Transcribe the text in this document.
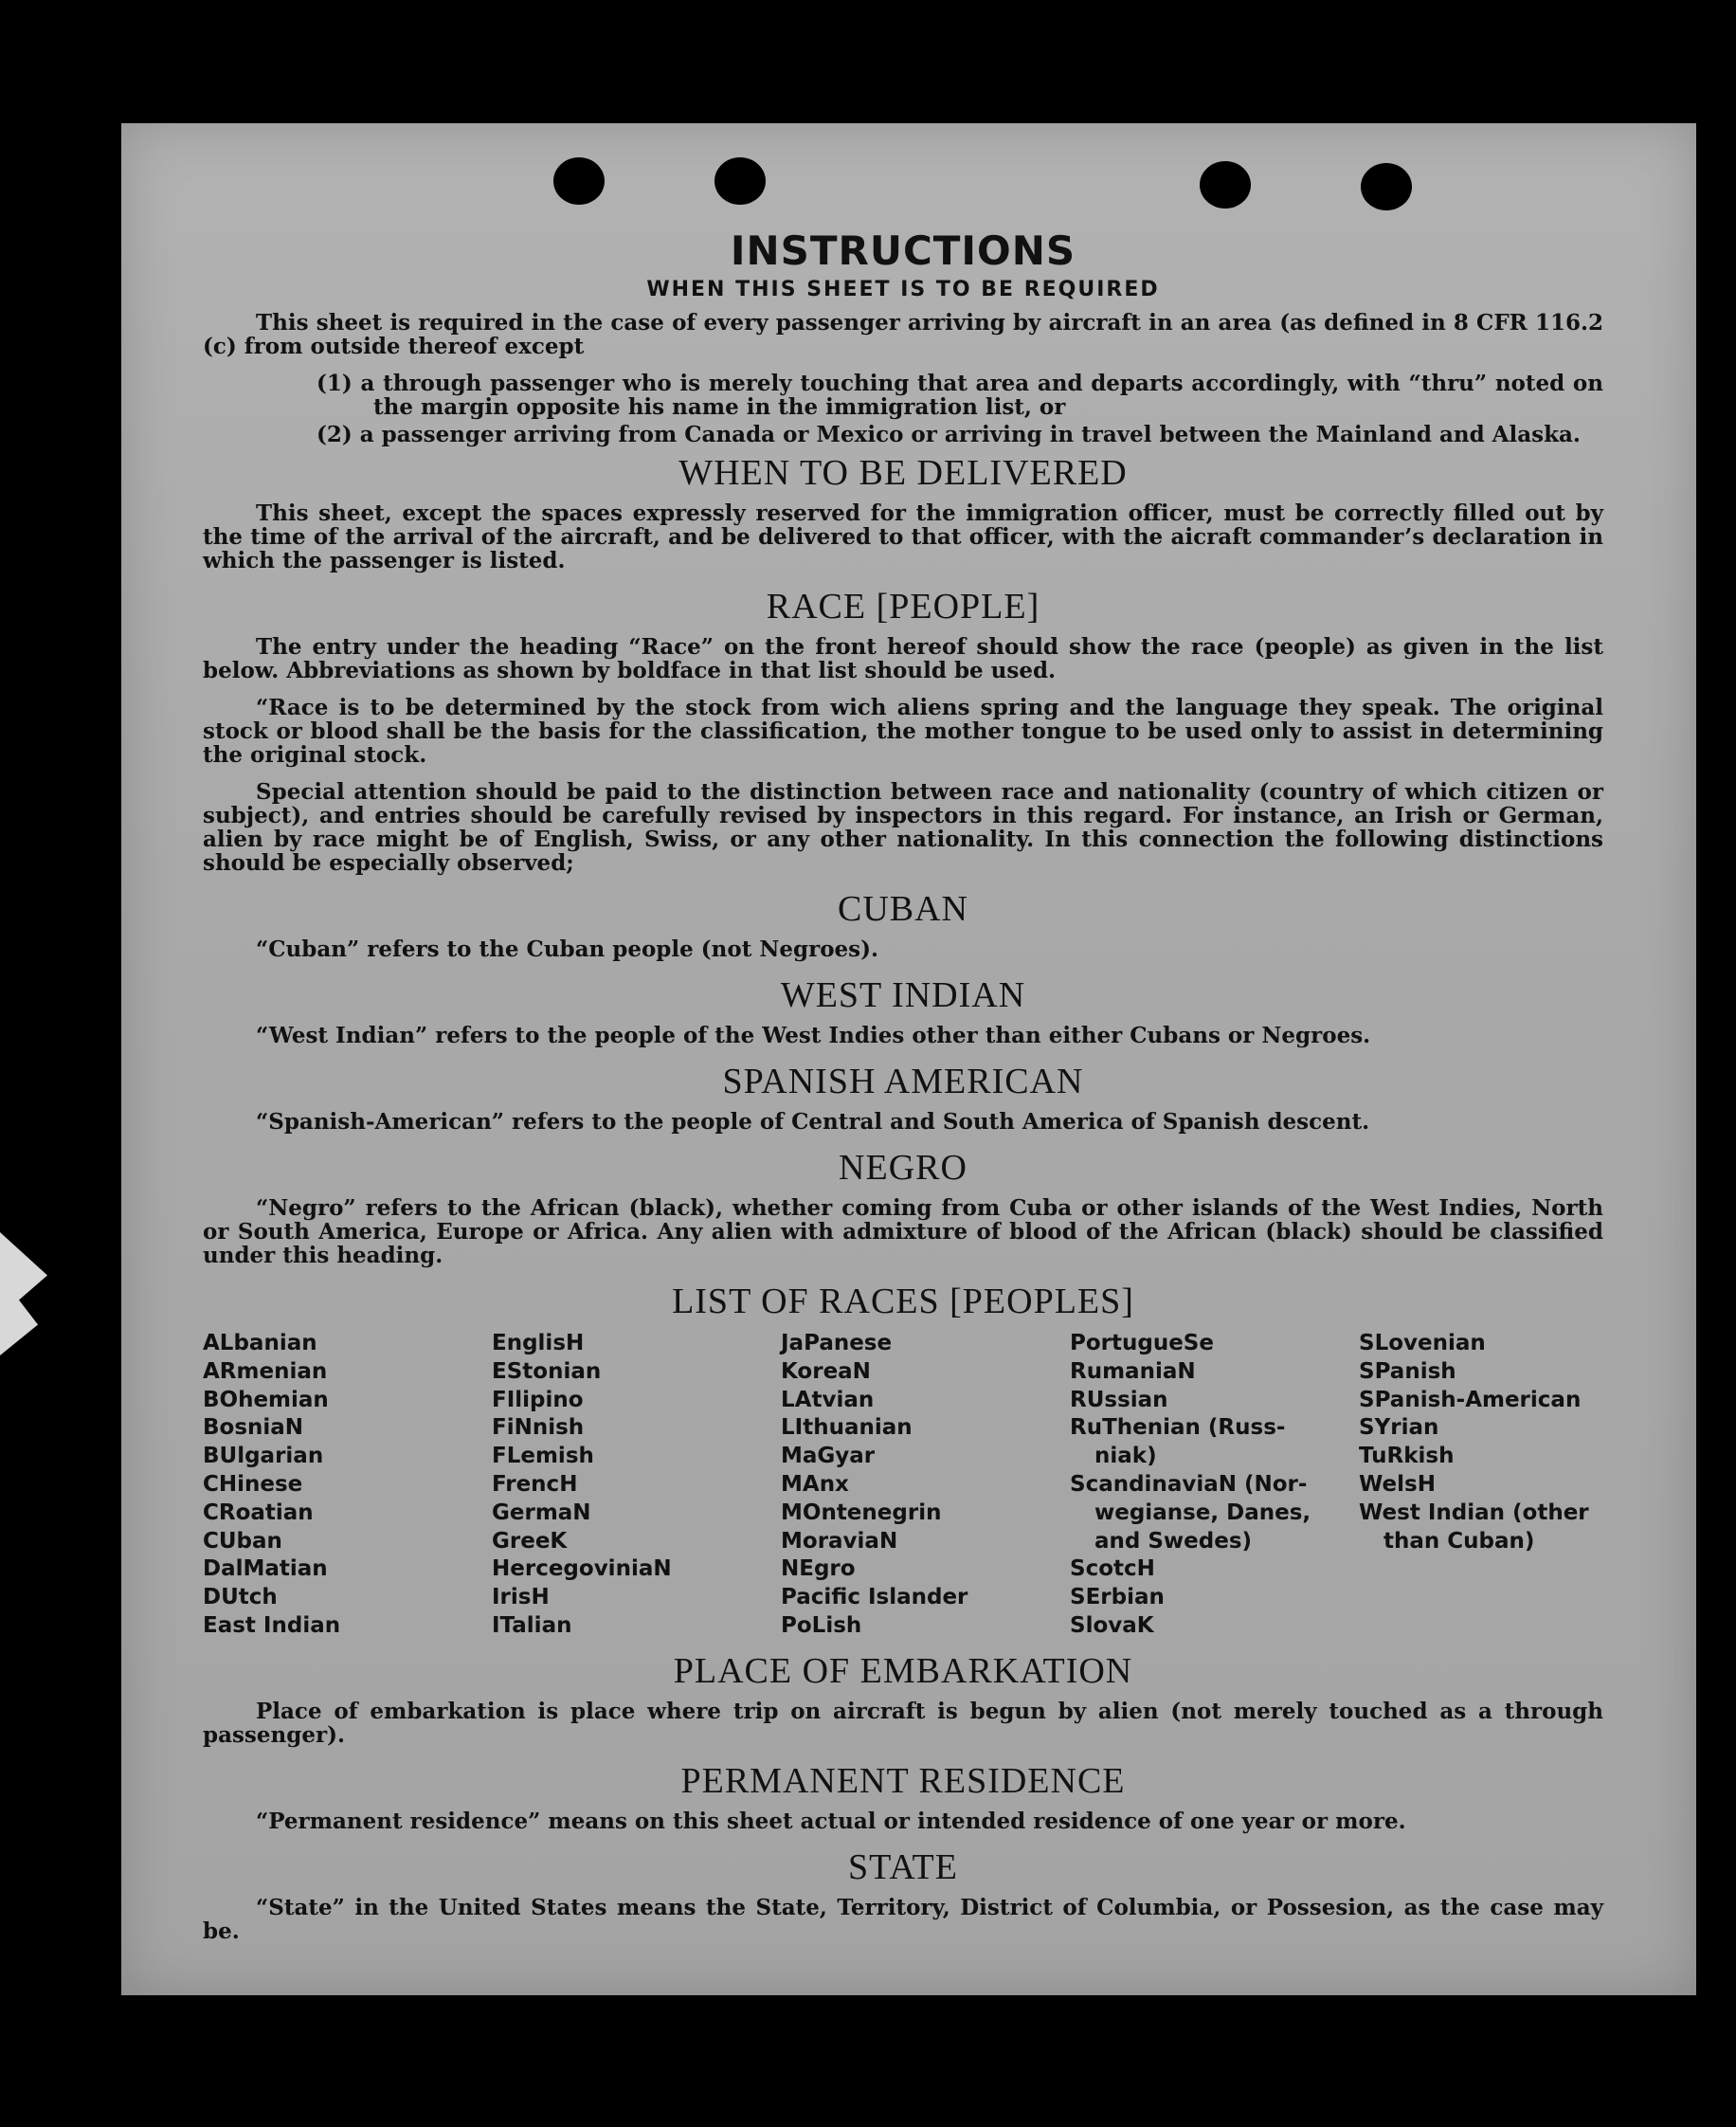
INSTRUCTIONS
WHEN THIS SHEET IS TO BE REQUIRED

This sheet is required in the case of every passenger arriving by aircraft in an area (as defined in 8 CFR 116.2 (c) from outside thereof except

(1) a through passenger who is merely touching that area and departs accordingly, with “thru” noted on the margin opposite his name in the immigration list, or
(2) a passenger arriving from Canada or Mexico or arriving in travel between the Mainland and Alaska.
WHEN TO BE DELIVERED

This sheet, except the spaces expressly reserved for the immigration officer, must be correctly filled out by the time of the arrival of the aircraft, and be delivered to that officer, with the aicraft commander’s declaration in which the passenger is listed.

RACE [PEOPLE]

The entry under the heading “Race” on the front hereof should show the race (people) as given in the list below. Abbreviations as shown by boldface in that list should be used.

“Race is to be determined by the stock from wich aliens spring and the language they speak. The original stock or blood shall be the basis for the classification, the mother tongue to be used only to assist in determining the original stock.

Special attention should be paid to the distinction between race and nationality (country of which citizen or subject), and entries should be carefully revised by inspectors in this regard. For instance, an Irish or German, alien by race might be of English, Swiss, or any other nationality. In this connection the following distinctions should be especially observed;

CUBAN

“Cuban” refers to the Cuban people (not Negroes).

WEST INDIAN

“West Indian” refers to the people of the West Indies other than either Cubans or Negroes.

SPANISH AMERICAN

“Spanish-American” refers to the people of Central and South America of Spanish descent.

NEGRO

“Negro” refers to the African (black), whether coming from Cuba or other islands of the West Indies, North or South America, Europe or Africa. Any alien with admixture of blood of the African (black) should be classified under this heading.

LIST OF RACES [PEOPLES]
ALbanian
ARmenian
BOhemian
BosniaN
BUlgarian
CHinese
CRoatian
CUban
DalMatian
DUtch
East Indian
EnglisH
EStonian
FIlipino
FiNnish
FLemish
FrencH
GermaN
GreeK
HercegoviniaN
IrisH
ITalian
JaPanese
KoreaN
LAtvian
LIthuanian
MaGyar
MAnx
MOntenegrin
MoraviaN
NEgro
Pacific Islander
PoLish
PortugueSe
RumaniaN
RUssian
RuThenian (Russ-
niak)
ScandinaviaN (Nor-
wegianse, Danes,
and Swedes)
ScotcH
SErbian
SlovaK
SLovenian
SPanish
SPanish-American
SYrian
TuRkish
WelsH
West Indian (other
than Cuban)
PLACE OF EMBARKATION

Place of embarkation is place where trip on aircraft is begun by alien (not merely touched as a through passenger).

PERMANENT RESIDENCE

“Permanent residence” means on this sheet actual or intended residence of one year or more.

STATE

“State” in the United States means the State, Territory, District of Columbia, or Possesion, as the case may be.
